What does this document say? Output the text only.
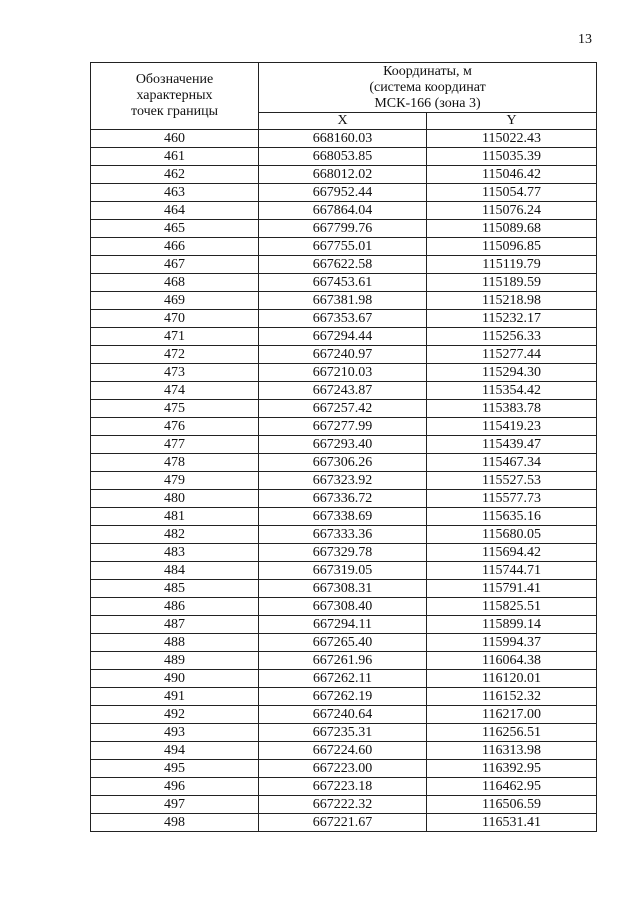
13
Обозначение
характерных
точек границы	Координаты, м
(система координат
МСК-166 (зона 3)	
	X	Y
460	668160.03	115022.43
461	668053.85	115035.39
462	668012.02	115046.42
463	667952.44	115054.77
464	667864.04	115076.24
465	667799.76	115089.68
466	667755.01	115096.85
467	667622.58	115119.79
468	667453.61	115189.59
469	667381.98	115218.98
470	667353.67	115232.17
471	667294.44	115256.33
472	667240.97	115277.44
473	667210.03	115294.30
474	667243.87	115354.42
475	667257.42	115383.78
476	667277.99	115419.23
477	667293.40	115439.47
478	667306.26	115467.34
479	667323.92	115527.53
480	667336.72	115577.73
481	667338.69	115635.16
482	667333.36	115680.05
483	667329.78	115694.42
484	667319.05	115744.71
485	667308.31	115791.41
486	667308.40	115825.51
487	667294.11	115899.14
488	667265.40	115994.37
489	667261.96	116064.38
490	667262.11	116120.01
491	667262.19	116152.32
492	667240.64	116217.00
493	667235.31	116256.51
494	667224.60	116313.98
495	667223.00	116392.95
496	667223.18	116462.95
497	667222.32	116506.59
498	667221.67	116531.41
